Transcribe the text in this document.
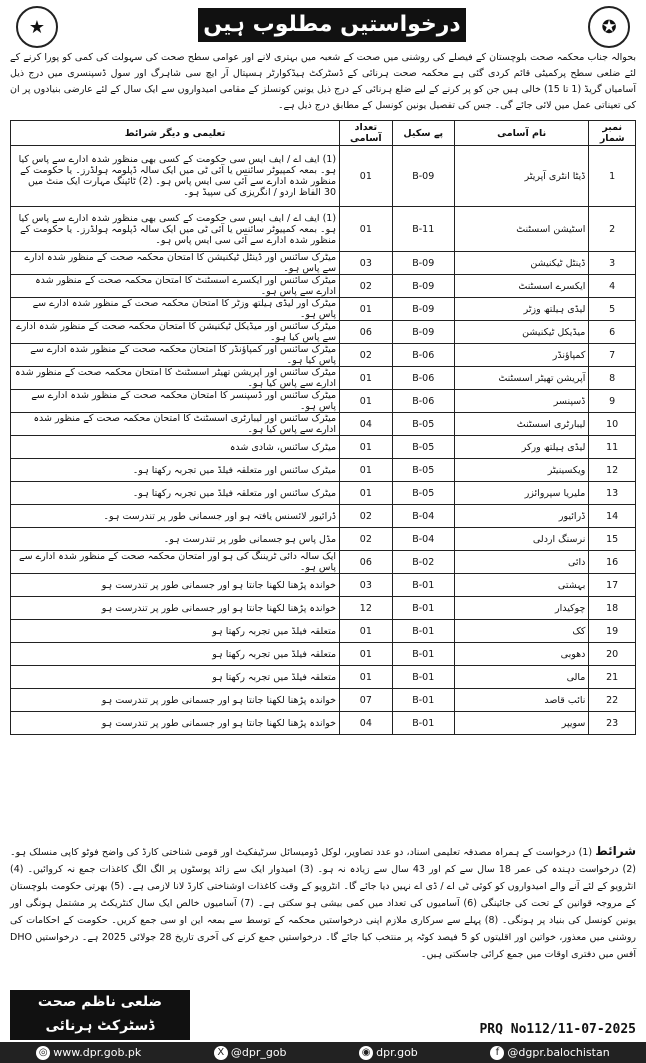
★	درخواستیں مطلوب ہیں	✪
بحوالہ جناب محکمہ صحت بلوچستان کے فیصلے کی روشنی میں صحت کے شعبہ میں بہتری لانے اور عوامی سطح صحت کی سہولت کی کمی کو پورا کرنے کے لئے ضلعی سطح پرکمیٹی قائم کردی گئی ہے محکمہ صحت ہرنائی کے ڈسٹرکٹ ہیڈکوارٹر ہسپتال آر ایچ سی شاہرگ اور سول ڈسپنسری میں درج ذیل آسامیاں گریڈ (1 تا 15) خالی ہیں جن کو پر کرنے کے لیے ضلع ہرنائی کے درج ذیل یونین کونسلز کے مقامی امیدواروں سے ایک سال کے لئے عارضی بنیادوں پر ان کی تعیناتی عمل میں لائی جائے گی۔ جس کی تفصیل یونین کونسل کے مطابق درج ذیل ہے۔
تعلیمی و دیگر شرائط	تعداد آسامی	پے سکیل	نام آسامی	نمبر شمار
(1) ایف اے / ایف ایس سی حکومت کے کسی بھی منظور شدہ ادارے سے پاس کیا ہو۔ بمعہ کمپیوٹر سائنس یا آئی ٹی میں ایک سالہ ڈپلومہ ہولڈرز۔ یا حکومت کے منظور شدہ ادارے سے آئی سی ایس پاس ہو۔ (2) ٹائپنگ مہارت ایک منٹ میں 30 الفاظ اردو / انگریزی کی سپیڈ ہو۔	01	B-09	ڈیٹا انٹری آپریٹر	1
(1) ایف اے / ایف ایس سی حکومت کے کسی بھی منظور شدہ ادارے سے پاس کیا ہو۔ بمعہ کمپیوٹر سائنس یا آئی ٹی میں ایک سالہ ڈپلومہ ہولڈرز۔ یا حکومت کے منظور شدہ ادارے سے آئی سی ایس پاس ہو۔	01	B-11	اسٹیشن اسسٹنٹ	2
میٹرک سائنس اور ڈینٹل ٹیکنیشن کا امتحان محکمہ صحت کے منظور شدہ ادارے سے پاس ہو۔	03	B-09	ڈینٹل ٹیکنیشن	3
میٹرک سائنس اور ایکسرے اسسٹنٹ کا امتحان محکمہ صحت کے منظور شدہ ادارے سے پاس ہو۔	02	B-09	ایکسرے اسسٹنٹ	4
میٹرک اور لیڈی ہیلتھ وزٹر کا امتحان محکمہ صحت کے منظور شدہ ادارے سے پاس ہو۔	01	B-09	لیڈی ہیلتھ وزٹر	5
میٹرک سائنس اور میڈیکل ٹیکنیشن کا امتحان محکمہ صحت کے منظور شدہ ادارے سے پاس کیا ہو۔	06	B-09	میڈیکل ٹیکنیشن	6
میٹرک سائنس اور کمپاؤنڈر کا امتحان محکمہ صحت کے منظور شدہ ادارے سے پاس کیا ہو۔	02	B-06	کمپاؤنڈر	7
میٹرک سائنس اور آپریشن تھیٹر اسسٹنٹ کا امتحان محکمہ صحت کے منظور شدہ ادارے سے پاس کیا ہو۔	01	B-06	آپریشن تھیٹر اسسٹنٹ	8
میٹرک سائنس اور ڈسپنسر کا امتحان محکمہ صحت کے منظور شدہ ادارے سے پاس ہو۔	01	B-06	ڈسپنسر	9
میٹرک سائنس اور لیبارٹری اسسٹنٹ کا امتحان محکمہ صحت کے منظور شدہ ادارے سے پاس کیا ہو۔	04	B-05	لیبارٹری اسسٹنٹ	10
میٹرک سائنس، شادی شدہ	01	B-05	لیڈی ہیلتھ ورکر	11
میٹرک سائنس اور متعلقہ فیلڈ میں تجربہ رکھتا ہو۔	01	B-05	ویکسینیٹر	12
میٹرک سائنس اور متعلقہ فیلڈ میں تجربہ رکھتا ہو۔	01	B-05	ملیریا سپروائزر	13
ڈرائیور لائسنس یافتہ ہو اور جسمانی طور پر تندرست ہو۔	02	B-04	ڈرائیور	14
مڈل پاس ہو جسمانی طور پر تندرست ہو۔	02	B-04	نرسنگ اردلی	15
ایک سالہ دائی ٹریننگ کی ہو اور امتحان محکمہ صحت کے منظور شدہ ادارے سے پاس ہو۔	06	B-02	دائی	16
خواندہ پڑھنا لکھنا جانتا ہو اور جسمانی طور پر تندرست ہو	03	B-01	بہشتی	17
خواندہ پڑھنا لکھنا جانتا ہو اور جسمانی طور پر تندرست ہو	12	B-01	چوکیدار	18
متعلقہ فیلڈ میں تجربہ رکھتا ہو	01	B-01	کک	19
متعلقہ فیلڈ میں تجربہ رکھتا ہو	01	B-01	دھوبی	20
متعلقہ فیلڈ میں تجربہ رکھتا ہو	01	B-01	مالی	21
خواندہ پڑھنا لکھنا جانتا ہو اور جسمانی طور پر تندرست ہو	07	B-01	نائب قاصد	22
خواندہ پڑھنا لکھنا جانتا ہو اور جسمانی طور پر تندرست ہو	04	B-01	سویپر	23
شرائط (1) درخواست کے ہمراہ مصدقہ تعلیمی اسناد، دو عدد تصاویر، لوکل ڈومیسائل سرٹیفکیٹ اور قومی شناختی کارڈ کی واضح فوٹو کاپی منسلک ہو۔ (2) درخواست دہندہ کی عمر 18 سال سے کم اور 43 سال سے زیادہ نہ ہو۔ (3) امیدوار ایک سے زائد پوسٹوں پر الگ الگ کاغذات جمع نہ کروائیں۔ (4) انٹرویو کے لئے آنے والے امیدواروں کو کوئی ٹی اے / ڈی اے نہیں دیا جائے گا۔ انٹرویو کے وقت کاغذات اوشناختی کارڈ لانا لازمی ہے۔ (5) بھرتی حکومت بلوچستان کے مروجہ قوانین کے تحت کی جائینگی (6) آسامیوں کی تعداد میں کمی بیشی ہو سکتی ہے۔ (7) آسامیوں خالص ایک سال کنٹریکٹ پر مشتمل ہونگی اور یونین کونسل کی بنیاد پر ہونگی۔ (8) پہلے سے سرکاری ملازم اپنی درخواستیں محکمہ کے توسط سے بمعہ این او سی جمع کریں۔ حکومت کے احکامات کی روشنی میں معذور، خواتین اور اقلیتوں کو 5 فیصد کوٹہ پر منتخب کیا جائے گا۔ درخواستیں جمع کرنے کی آخری تاریخ 28 جولائی 2025 ہے۔ درخواستیں DHO آفس میں دفتری اوقات میں جمع کرائی جاسکتی ہیں۔
ضلعی ناظم صحت
ڈسٹرکٹ ہرنائی	PRQ No112/11-07-2025
◎ www.dpr.gob.pk	X @dpr_gob	◉ dpr.gob	f @dgpr.balochistan
